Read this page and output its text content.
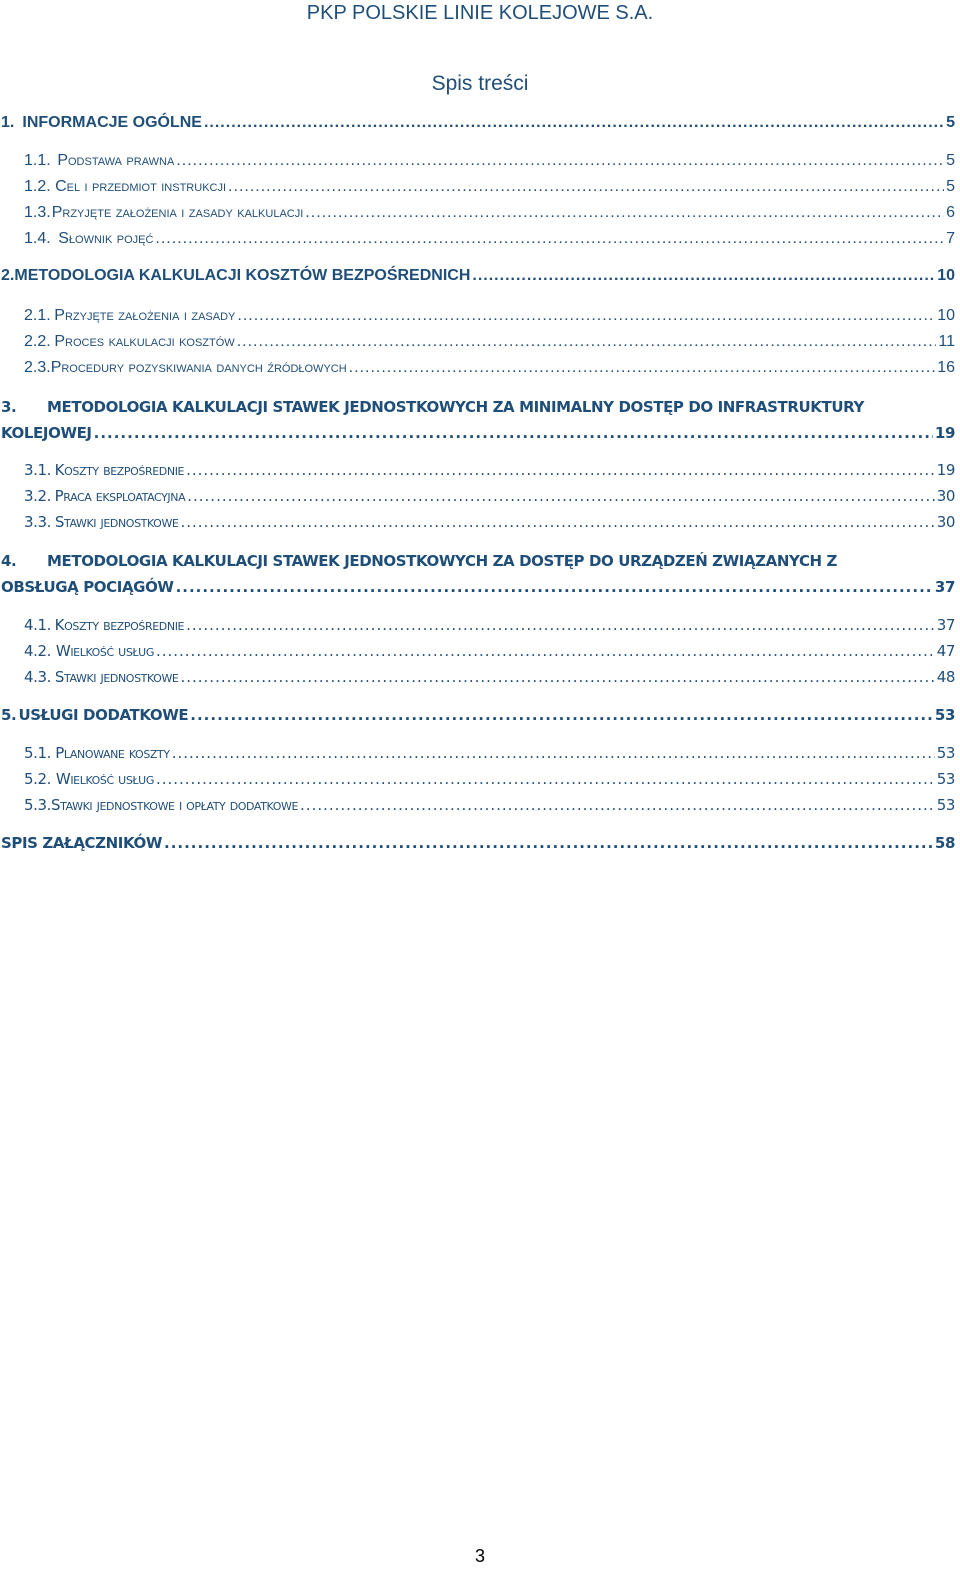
PKP POLSKIE LINIE KOLEJOWE S.A.
Spis treści
1. INFORMACJE OGÓLNE .....	5
1.1. Podstawa prawna .....	5
1.2. Cel i przedmiot instrukcji .....	5
1.3. Przyjęte założenia i zasady kalkulacji .....	6
1.4. Słownik pojęć .....	7
2. METODOLOGIA KALKULACJI KOSZTÓW BEZPOŚREDNICH .....	10
2.1. Przyjęte założenia i zasady .....	10
2.2. Proces kalkulacji kosztów .....	11
2.3. Procedury pozyskiwania danych źródłowych .....	16
3. METODOLOGIA KALKULACJI STAWEK JEDNOSTKOWYCH ZA MINIMALNY DOSTĘP DO INFRASTRUKTURY
KOLEJOWEJ .....	19
3.1. Koszty bezpośrednie .....	19
3.2. Praca eksploatacyjna .....	30
3.3. Stawki jednostkowe .....	30
4. METODOLOGIA KALKULACJI STAWEK JEDNOSTKOWYCH ZA DOSTĘP DO URZĄDZEŃ ZWIĄZANYCH Z
OBSŁUGĄ POCIĄGÓW .....	37
4.1. Koszty bezpośrednie .....	37
4.2. Wielkość usług .....	47
4.3. Stawki jednostkowe .....	48
5. USŁUGI DODATKOWE .....	53
5.1. Planowane koszty .....	53
5.2. Wielkość usług .....	53
5.3. Stawki jednostkowe i opłaty dodatkowe .....	53
SPIS ZAŁĄCZNIKÓW .....	58
3
